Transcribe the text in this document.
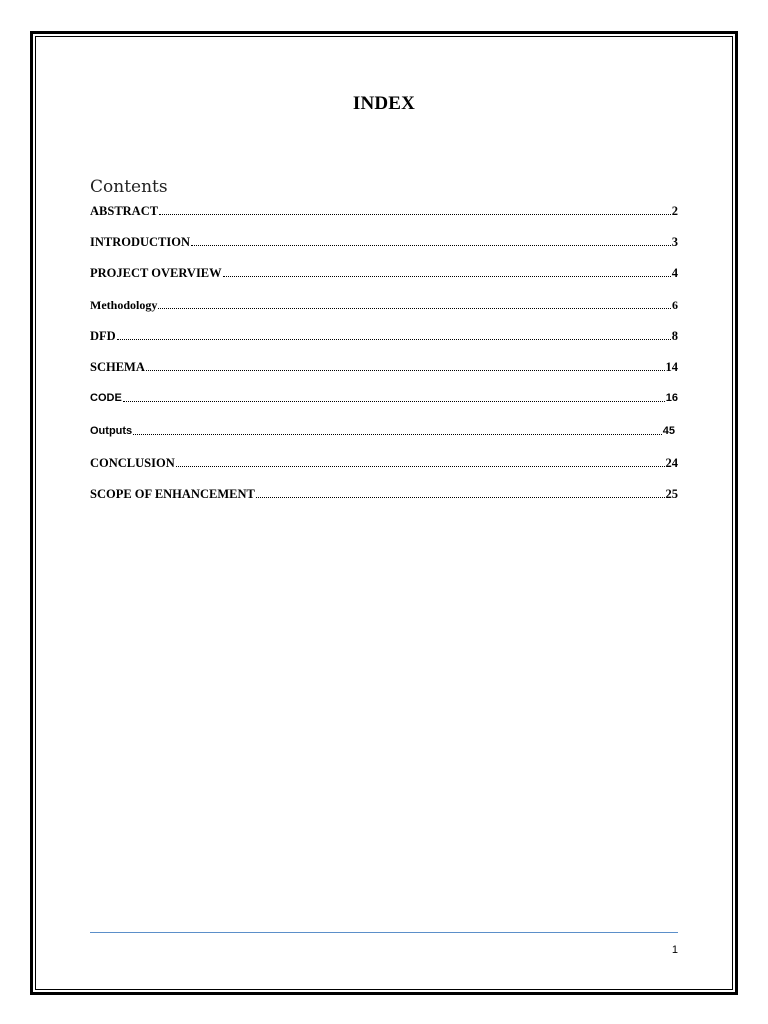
INDEX
Contents
ABSTRACT	2
INTRODUCTION	3
PROJECT OVERVIEW	4
Methodology	6
DFD	8
SCHEMA	14
CODE	16
Outputs	45
CONCLUSION	24
SCOPE OF ENHANCEMENT	25
1
